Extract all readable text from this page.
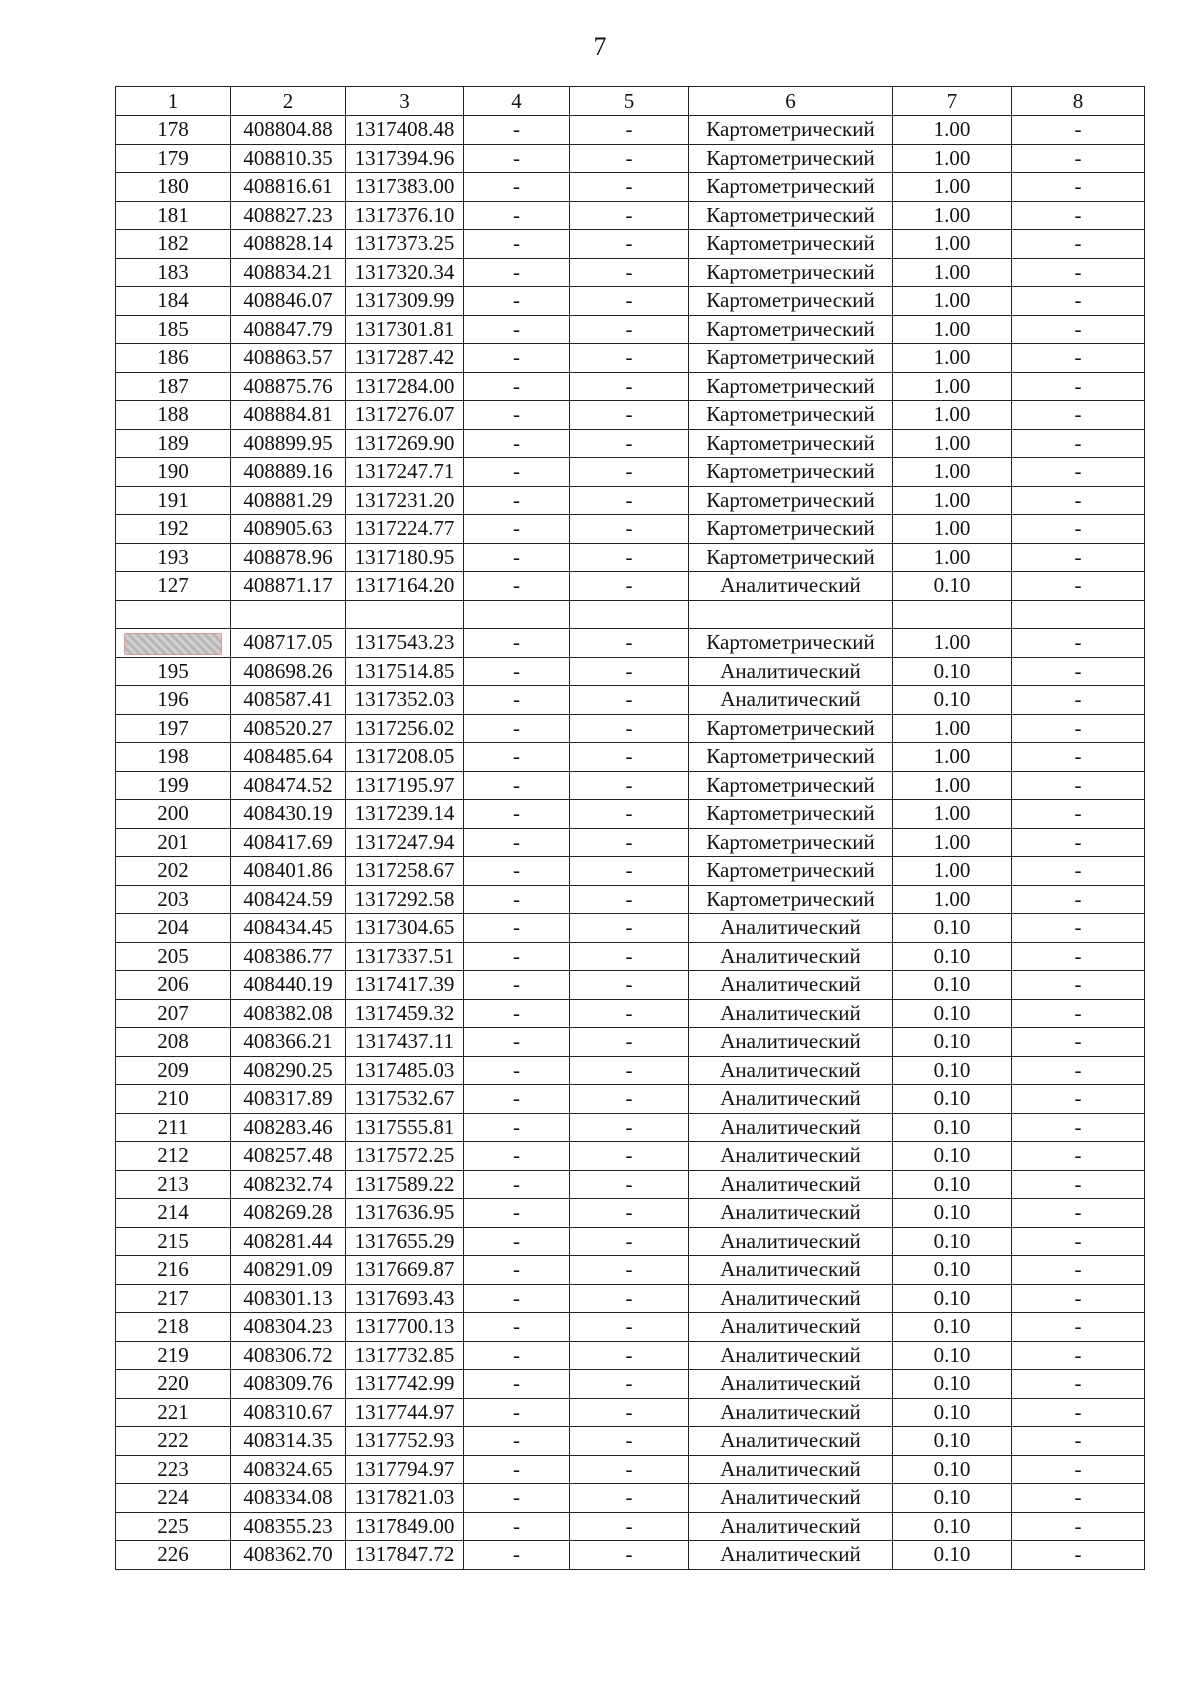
7
1	2	3	4	5	6	7	8
178	408804.88	1317408.48	-	-	Картометрический	1.00	-
179	408810.35	1317394.96	-	-	Картометрический	1.00	-
180	408816.61	1317383.00	-	-	Картометрический	1.00	-
181	408827.23	1317376.10	-	-	Картометрический	1.00	-
182	408828.14	1317373.25	-	-	Картометрический	1.00	-
183	408834.21	1317320.34	-	-	Картометрический	1.00	-
184	408846.07	1317309.99	-	-	Картометрический	1.00	-
185	408847.79	1317301.81	-	-	Картометрический	1.00	-
186	408863.57	1317287.42	-	-	Картометрический	1.00	-
187	408875.76	1317284.00	-	-	Картометрический	1.00	-
188	408884.81	1317276.07	-	-	Картометрический	1.00	-
189	408899.95	1317269.90	-	-	Картометрический	1.00	-
190	408889.16	1317247.71	-	-	Картометрический	1.00	-
191	408881.29	1317231.20	-	-	Картометрический	1.00	-
192	408905.63	1317224.77	-	-	Картометрический	1.00	-
193	408878.96	1317180.95	-	-	Картометрический	1.00	-
127	408871.17	1317164.20	-	-	Аналитический	0.10	-

	408717.05	1317543.23	-	-	Картометрический	1.00	-
195	408698.26	1317514.85	-	-	Аналитический	0.10	-
196	408587.41	1317352.03	-	-	Аналитический	0.10	-
197	408520.27	1317256.02	-	-	Картометрический	1.00	-
198	408485.64	1317208.05	-	-	Картометрический	1.00	-
199	408474.52	1317195.97	-	-	Картометрический	1.00	-
200	408430.19	1317239.14	-	-	Картометрический	1.00	-
201	408417.69	1317247.94	-	-	Картометрический	1.00	-
202	408401.86	1317258.67	-	-	Картометрический	1.00	-
203	408424.59	1317292.58	-	-	Картометрический	1.00	-
204	408434.45	1317304.65	-	-	Аналитический	0.10	-
205	408386.77	1317337.51	-	-	Аналитический	0.10	-
206	408440.19	1317417.39	-	-	Аналитический	0.10	-
207	408382.08	1317459.32	-	-	Аналитический	0.10	-
208	408366.21	1317437.11	-	-	Аналитический	0.10	-
209	408290.25	1317485.03	-	-	Аналитический	0.10	-
210	408317.89	1317532.67	-	-	Аналитический	0.10	-
211	408283.46	1317555.81	-	-	Аналитический	0.10	-
212	408257.48	1317572.25	-	-	Аналитический	0.10	-
213	408232.74	1317589.22	-	-	Аналитический	0.10	-
214	408269.28	1317636.95	-	-	Аналитический	0.10	-
215	408281.44	1317655.29	-	-	Аналитический	0.10	-
216	408291.09	1317669.87	-	-	Аналитический	0.10	-
217	408301.13	1317693.43	-	-	Аналитический	0.10	-
218	408304.23	1317700.13	-	-	Аналитический	0.10	-
219	408306.72	1317732.85	-	-	Аналитический	0.10	-
220	408309.76	1317742.99	-	-	Аналитический	0.10	-
221	408310.67	1317744.97	-	-	Аналитический	0.10	-
222	408314.35	1317752.93	-	-	Аналитический	0.10	-
223	408324.65	1317794.97	-	-	Аналитический	0.10	-
224	408334.08	1317821.03	-	-	Аналитический	0.10	-
225	408355.23	1317849.00	-	-	Аналитический	0.10	-
226	408362.70	1317847.72	-	-	Аналитический	0.10	-
